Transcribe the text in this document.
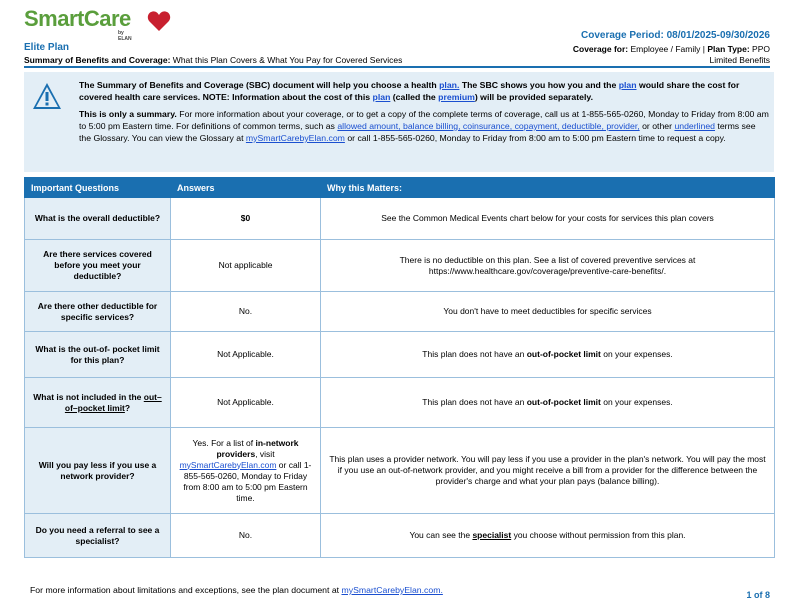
SmartCare
by ELAN
Elite Plan
Summary of Benefits and Coverage: What this Plan Covers & What You Pay for Covered Services
Coverage Period: 08/01/2025-09/30/2026
Coverage for: Employee / Family | Plan Type: PPO
Limited Benefits
The Summary of Benefits and Coverage (SBC) document will help you choose a health plan. The SBC shows you how you and the plan would share the cost for covered health care services. NOTE: Information about the cost of this plan (called the premium) will be provided separately.
This is only a summary. For more information about your coverage, or to get a copy of the complete terms of coverage, call us at 1-855-565-0260, Monday to Friday from 8:00 am to 5:00 pm Eastern time. For definitions of common terms, such as allowed amount, balance billing, coinsurance, copayment, deductible, provider, or other underlined terms see the Glossary. You can view the Glossary at mySmartCarebyElan.com or call 1-855-565-0260, Monday to Friday from 8:00 am to 5:00 pm Eastern time to request a copy.
Important Questions	Answers	Why this Matters:
What is the overall deductible?	$0	See the Common Medical Events chart below for your costs for services this plan covers
Are there services covered before you meet your deductible?	Not applicable	There is no deductible on this plan. See a list of covered preventive services at https://www.healthcare.gov/coverage/preventive-care-benefits/.
Are there other deductible for specific services?	No.	You don't have to meet deductibles for specific services
What is the out-of- pocket limit for this plan?	Not Applicable.	This plan does not have an out-of-pocket limit on your expenses.
What is not included in the out–of–pocket limit?	Not Applicable.	This plan does not have an out-of-pocket limit on your expenses.
Will you pay less if you use a network provider?	Yes. For a list of in-network providers, visit mySmartCarebyElan.com or call 1-855-565-0260, Monday to Friday from 8:00 am to 5:00 pm Eastern time.	This plan uses a provider network. You will pay less if you use a provider in the plan's network. You will pay the most if you use an out-of-network provider, and you might receive a bill from a provider for the difference between the provider's charge and what your plan pays (balance billing).
Do you need a referral to see a specialist?	No.	You can see the specialist you choose without permission from this plan.
For more information about limitations and exceptions, see the plan document at mySmartCarebyElan.com.	1 of 8
